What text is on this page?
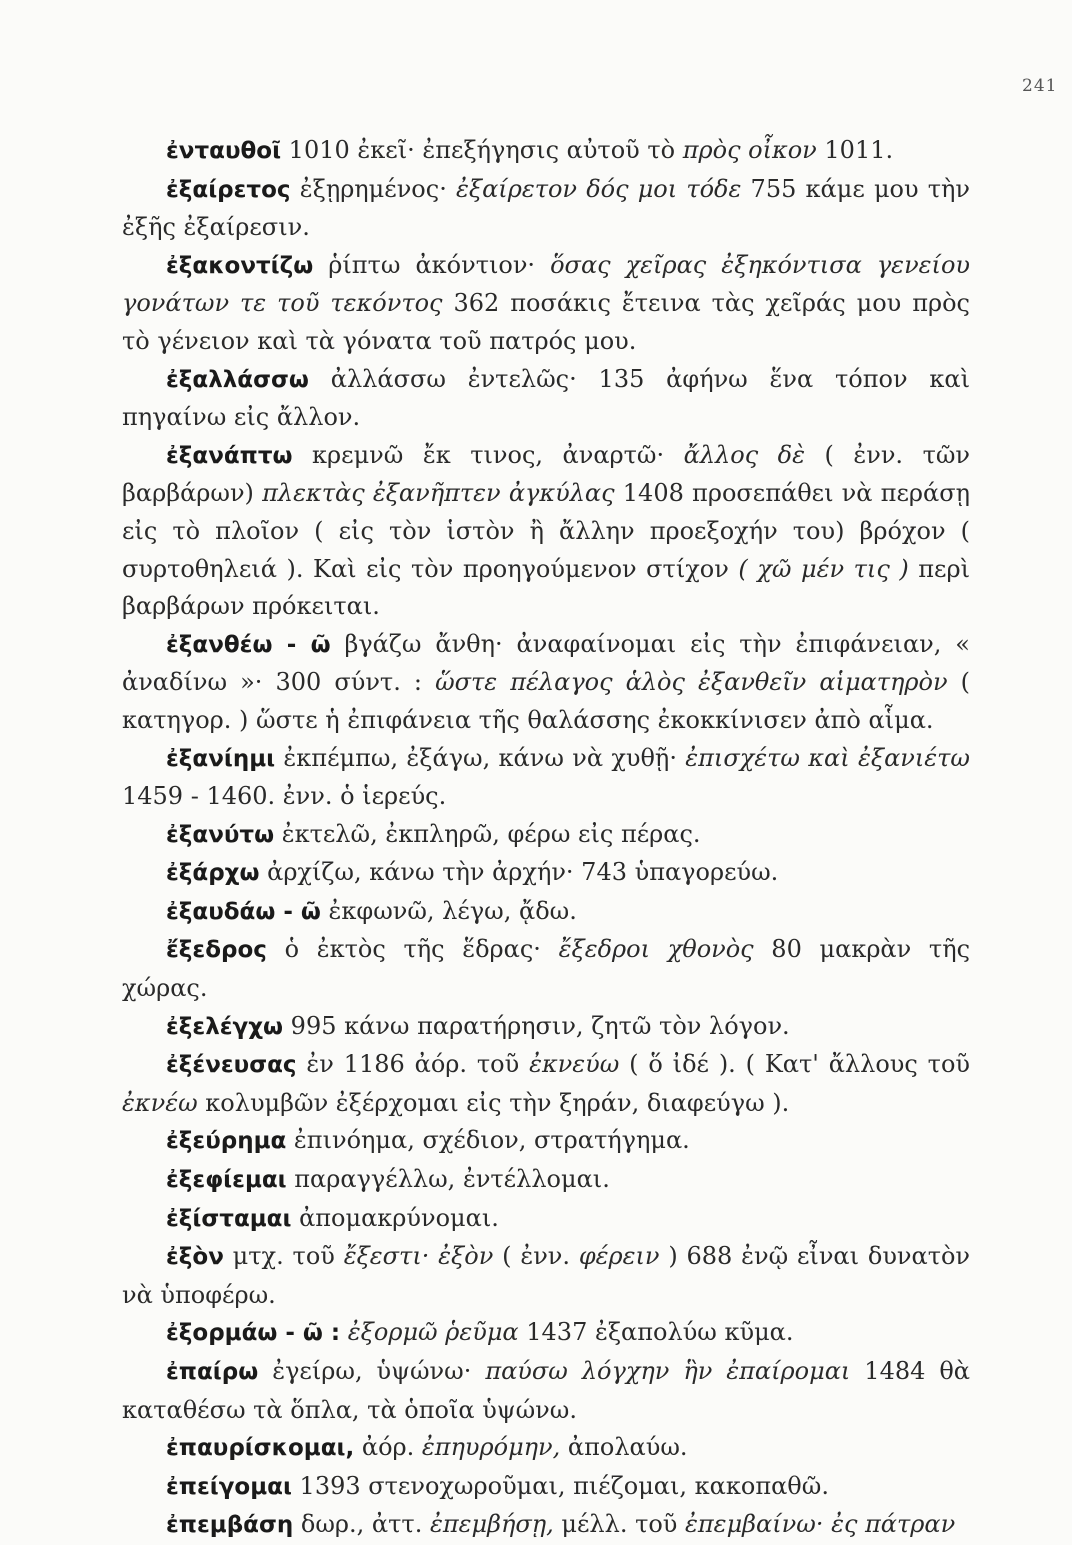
241

ἐνταυθοῖ 1010 ἐκεῖ· ἐπεξήγησις αὐτοῦ τὸ πρὸς οἶκον 1011.

ἐξαίρετος ἐξῃρημένος· ἐξαίρετον δός μοι τόδε 755 κάμε μου τὴν ἐξῆς ἐξαίρεσιν.

ἐξακοντίζω ῥίπτω ἀκόντιον· ὅσας χεῖρας ἐξηκόντισα γενείου γονάτων τε τοῦ τεκόντος 362 ποσάκις ἔτεινα τὰς χεῖράς μου πρὸς τὸ γένειον καὶ τὰ γόνατα τοῦ πατρός μου.

ἐξαλλάσσω ἀλλάσσω ἐντελῶς· 135 ἀφήνω ἕνα τόπον καὶ πηγαίνω εἰς ἄλλον.

ἐξανάπτω κρεμνῶ ἔκ τινος, ἀναρτῶ· ἄλλος δὲ ( ἐνν. τῶν βαρβάρων) πλεκτὰς ἐξανῆπτεν ἀγκύλας 1408 προσεπάθει νὰ περάσῃ εἰς τὸ πλοῖον ( εἰς τὸν ἱστὸν ἢ ἄλλην προεξοχήν του) βρόχον ( συρτοθηλειά ). Καὶ εἰς τὸν προηγούμενον στίχον ( χῶ μέν τις ) περὶ βαρβάρων πρόκειται.

ἐξανθέω - ῶ βγάζω ἄνθη· ἀναφαίνομαι εἰς τὴν ἐπιφάνειαν, « ἀναδίνω »· 300 σύντ. : ὥστε πέλαγος ἁλὸς ἐξανθεῖν αἱματηρὸν ( κατηγορ. ) ὥστε ἡ ἐπιφάνεια τῆς θαλάσσης ἐκοκκίνισεν ἀπὸ αἷμα.

ἐξανίημι ἐκπέμπω, ἐξάγω, κάνω νὰ χυθῇ· ἐπισχέτω καὶ ἐξανιέτω 1459 - 1460. ἐνν. ὁ ἱερεύς.

ἐξανύτω ἐκτελῶ, ἐκπληρῶ, φέρω εἰς πέρας.

ἐξάρχω ἀρχίζω, κάνω τὴν ἀρχήν· 743 ὑπαγορεύω.

ἐξαυδάω - ῶ ἐκφωνῶ, λέγω, ᾄδω.

ἔξεδρος ὁ ἐκτὸς τῆς ἕδρας· ἔξεδροι χθονὸς 80 μακρὰν τῆς χώρας.

ἐξελέγχω 995 κάνω παρατήρησιν, ζητῶ τὸν λόγον.

ἐξένευσας ἐν 1186 ἀόρ. τοῦ ἐκνεύω ( ὅ ἰδέ ). ( Κατ' ἄλλους τοῦ ἐκνέω κολυμβῶν ἐξέρχομαι εἰς τὴν ξηράν, διαφεύγω ).

ἐξεύρημα ἐπινόημα, σχέδιον, στρατήγημα.

ἐξεφίεμαι παραγγέλλω, ἐντέλλομαι.

ἐξίσταμαι ἀπομακρύνομαι.

ἐξὸν μτχ. τοῦ ἔξεστι· ἐξὸν ( ἐνν. φέρειν ) 688 ἐνῷ εἶναι δυνατὸν νὰ ὑποφέρω.

ἐξορμάω - ῶ : ἐξορμῶ ῥεῦμα 1437 ἐξαπολύω κῦμα.

ἐπαίρω ἐγείρω, ὑψώνω· παύσω λόγχην ἣν ἐπαίρομαι 1484 θὰ καταθέσω τὰ ὅπλα, τὰ ὁποῖα ὑψώνω.

ἐπαυρίσκομαι, ἀόρ. ἐπηυρόμην, ἀπολαύω.

ἐπείγομαι 1393 στενοχωροῦμαι, πιέζομαι, κακοπαθῶ.

ἐπεμβάση δωρ., ἀττ. ἐπεμβήσῃ, μέλλ. τοῦ ἐπεμβαίνω· ἐς πάτραν
